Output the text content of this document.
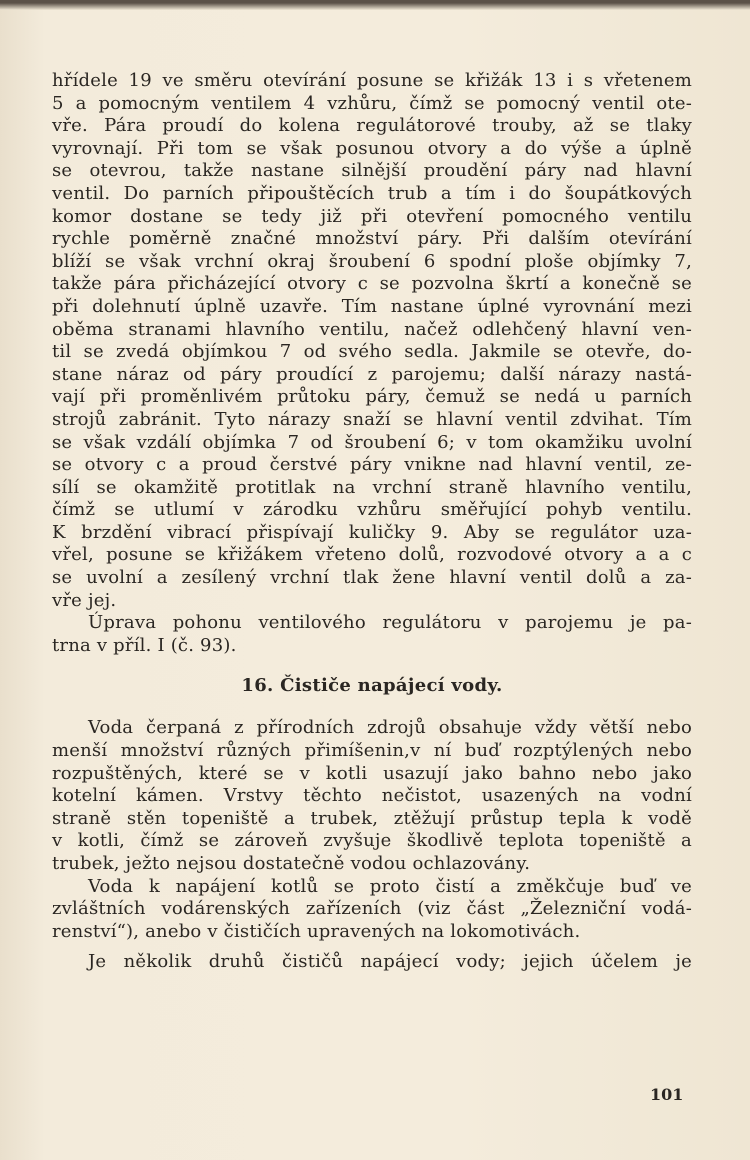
hřídele 19 ve směru otevírání posune se křižák 13 i s vřetenem
5 a pomocným ventilem 4 vzhůru, čímž se pomocný ventil ote-
vře. Pára proudí do kolena regulátorové trouby, až se tlaky
vyrovnají. Při tom se však posunou otvory a do výše a úplně
se otevrou, takže nastane silnější proudění páry nad hlavní
ventil. Do parních připouštěcích trub a tím i do šoupátkových
komor dostane se tedy již při otevření pomocného ventilu
rychle poměrně značné množství páry. Při dalším otevírání
blíží se však vrchní okraj šroubení 6 spodní ploše objímky 7,
takže pára přicházející otvory c se pozvolna škrtí a konečně se
při dolehnutí úplně uzavře. Tím nastane úplné vyrovnání mezi
oběma stranami hlavního ventilu, načež odlehčený hlavní ven-
til se zvedá objímkou 7 od svého sedla. Jakmile se otevře, do-
stane náraz od páry proudící z parojemu; další nárazy nastá-
vají při proměnlivém průtoku páry, čemuž se nedá u parních
strojů zabránit. Tyto nárazy snaží se hlavní ventil zdvihat. Tím
se však vzdálí objímka 7 od šroubení 6; v tom okamžiku uvolní
se otvory c a proud čerstvé páry vnikne nad hlavní ventil, ze-
sílí se okamžitě protitlak na vrchní straně hlavního ventilu,
čímž se utlumí v zárodku vzhůru směřující pohyb ventilu.
K brzdění vibrací přispívají kuličky 9. Aby se regulátor uza-
vřel, posune se křižákem vřeteno dolů, rozvodové otvory a a c
se uvolní a zesílený vrchní tlak žene hlavní ventil dolů a za-
vře jej.
Úprava pohonu ventilového regulátoru v parojemu je pa-
trna v příl. I (č. 93).
16. Čističe napájecí vody.
Voda čerpaná z přírodních zdrojů obsahuje vždy větší nebo
menší množství různých přimíšenin,v ní buď rozptýlených nebo
rozpuštěných, které se v kotli usazují jako bahno nebo jako
kotelní kámen. Vrstvy těchto nečistot, usazených na vodní
straně stěn topeniště a trubek, ztěžují průstup tepla k vodě
v kotli, čímž se zároveň zvyšuje škodlivě teplota topeniště a
trubek, ježto nejsou dostatečně vodou ochlazovány.
Voda k napájení kotlů se proto čistí a změkčuje buď ve
zvláštních vodárenských zařízeních (viz část „Železniční vodá-
renství“), anebo v čističích upravených na lokomotivách.
Je několik druhů čističů napájecí vody; jejich účelem je
101
